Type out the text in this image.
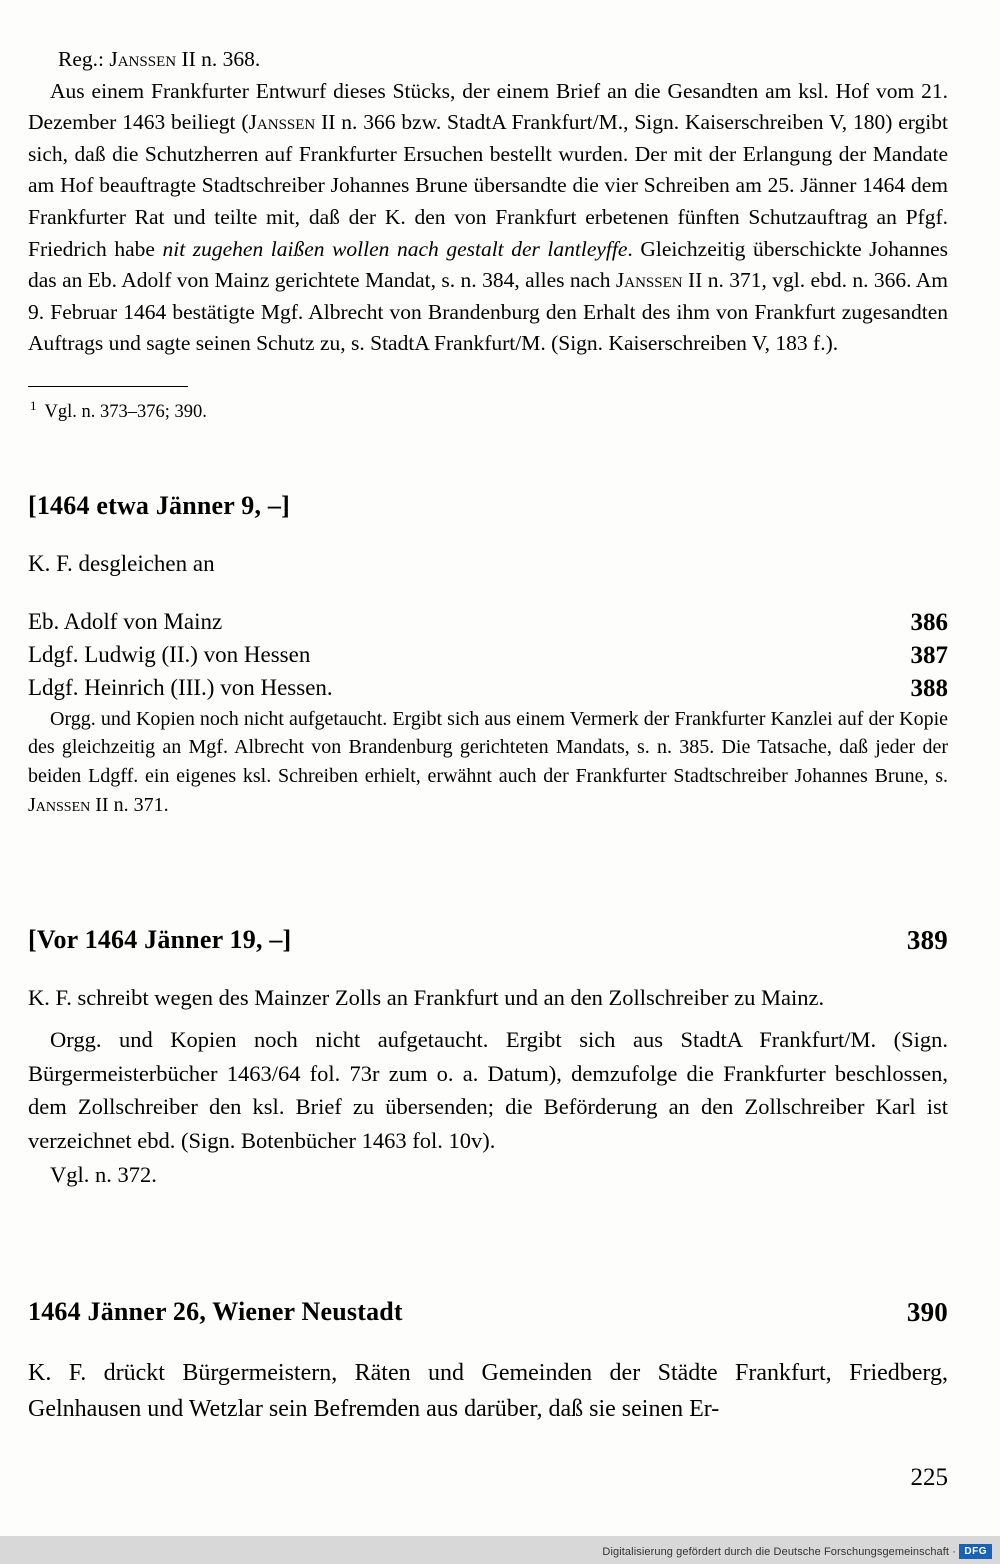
Reg.: Janssen II n. 368.

Aus einem Frankfurter Entwurf dieses Stücks, der einem Brief an die Gesandten am ksl. Hof vom 21. Dezember 1463 beiliegt (Janssen II n. 366 bzw. StadtA Frankfurt/M., Sign. Kaiserschreiben V, 180) ergibt sich, daß die Schutzherren auf Frankfurter Ersuchen bestellt wurden. Der mit der Erlangung der Mandate am Hof beauftragte Stadtschreiber Johannes Brune übersandte die vier Schreiben am 25. Jänner 1464 dem Frankfurter Rat und teilte mit, daß der K. den von Frankfurt erbetenen fünften Schutzauftrag an Pfgf. Friedrich habe nit zugehen laißen wollen nach gestalt der lantleyffe. Gleichzeitig überschickte Johannes das an Eb. Adolf von Mainz gerichtete Mandat, s. n. 384, alles nach Janssen II n. 371, vgl. ebd. n. 366. Am 9. Februar 1464 bestätigte Mgf. Albrecht von Brandenburg den Erhalt des ihm von Frankfurt zugesandten Auftrags und sagte seinen Schutz zu, s. StadtA Frankfurt/M. (Sign. Kaiserschreiben V, 183 f.).

$^1$ Vgl. n. 373–376; 390.
[1464 etwa Jänner 9, –]
K. F. desgleichen an
Eb. Adolf von Mainz	386
Ldgf. Ludwig (II.) von Hessen	387
Ldgf. Heinrich (III.) von Hessen.	388

Orgg. und Kopien noch nicht aufgetaucht. Ergibt sich aus einem Vermerk der Frankfurter Kanzlei auf der Kopie des gleichzeitig an Mgf. Albrecht von Brandenburg gerichteten Mandats, s. n. 385. Die Tatsache, daß jeder der beiden Ldgff. ein eigenes ksl. Schreiben erhielt, erwähnt auch der Frankfurter Stadtschreiber Johannes Brune, s. Janssen II n. 371.

[Vor 1464 Jänner 19, –]	389

K. F. schreibt wegen des Mainzer Zolls an Frankfurt und an den Zollschreiber zu Mainz.

Orgg. und Kopien noch nicht aufgetaucht. Ergibt sich aus StadtA Frankfurt/M. (Sign. Bürgermeisterbücher 1463/64 fol. 73r zum o. a. Datum), demzufolge die Frankfurter beschlossen, dem Zollschreiber den ksl. Brief zu übersenden; die Beförderung an den Zollschreiber Karl ist verzeichnet ebd. (Sign. Botenbücher 1463 fol. 10v).

Vgl. n. 372.

1464 Jänner 26, Wiener Neustadt	390

K. F. drückt Bürgermeistern, Räten und Gemeinden der Städte Frankfurt, Friedberg, Gelnhausen und Wetzlar sein Befremden aus darüber, daß sie seinen Er-

225
Digitalisierung gefördert durch die Deutsche Forschungsgemeinschaft · DFG
